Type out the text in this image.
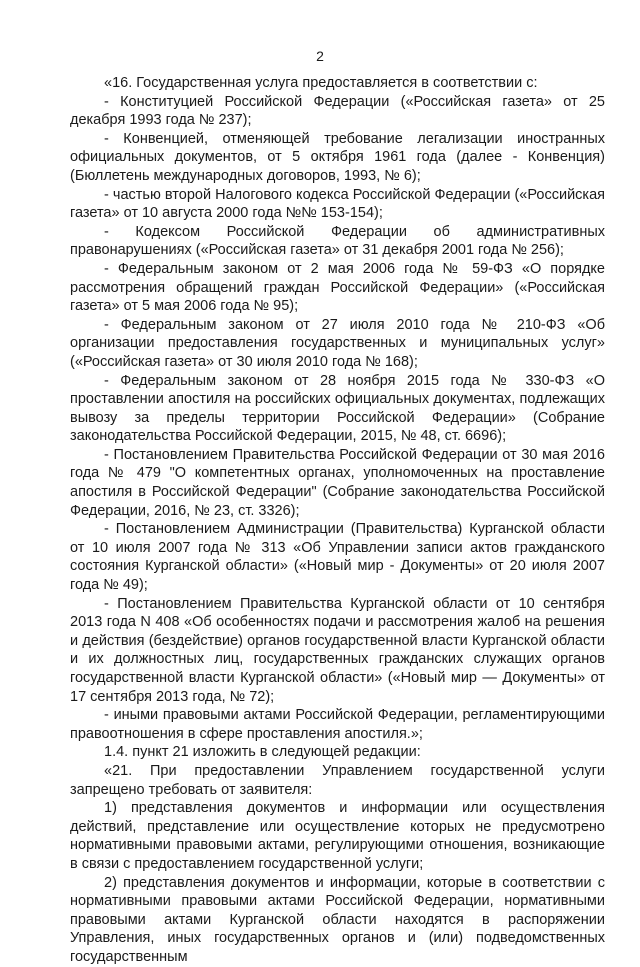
2

«16. Государственная услуга предоставляется в соответствии с:

- Конституцией Российской Федерации («Российская газета» от 25 декабря 1993 года № 237);

- Конвенцией, отменяющей требование легализации иностранных официальных документов, от 5 октября 1961 года (далее - Конвенция) (Бюллетень международных договоров, 1993, № 6);

- частью второй Налогового кодекса Российской Федерации («Российская газета» от 10 августа 2000 года №№ 153-154);

- Кодексом Российской Федерации об административных правонарушениях («Российская газета» от 31 декабря 2001 года № 256);

- Федеральным законом от 2 мая 2006 года № 59-ФЗ «О порядке рассмотрения обращений граждан Российской Федерации» («Российская газета» от 5 мая 2006 года № 95);

- Федеральным законом от 27 июля 2010 года № 210-ФЗ «Об организации предоставления государственных и муниципальных услуг» («Российская газета» от 30 июля 2010 года № 168);

- Федеральным законом от 28 ноября 2015 года № 330-ФЗ «О проставлении апостиля на российских официальных документах, подлежащих вывозу за пределы территории Российской Федерации» (Собрание законодательства Российской Федерации, 2015, № 48, ст. 6696);

- Постановлением Правительства Российской Федерации от 30 мая 2016 года № 479 "О компетентных органах, уполномоченных на проставление апостиля в Российской Федерации" (Собрание законодательства Российской Федерации, 2016, № 23, ст. 3326);

- Постановлением Администрации (Правительства) Курганской области от 10 июля 2007 года № 313 «Об Управлении записи актов гражданского состояния Курганской области» («Новый мир - Документы» от 20 июля 2007 года № 49);

- Постановлением Правительства Курганской области от 10 сентября 2013 года N 408 «Об особенностях подачи и рассмотрения жалоб на решения и действия (бездействие) органов государственной власти Курганской области и их должностных лиц, государственных гражданских служащих органов государственной власти Курганской области» («Новый мир — Документы» от 17 сентября 2013 года, № 72);

- иными правовыми актами Российской Федерации, регламентирующими правоотношения в сфере проставления апостиля.»;

1.4. пункт 21 изложить в следующей редакции:

«21. При предоставлении Управлением государственной услуги запрещено требовать от заявителя:

1) представления документов и информации или осуществления действий, представление или осуществление которых не предусмотрено нормативными правовыми актами, регулирующими отношения, возникающие в связи с предоставлением государственной услуги;

2) представления документов и информации, которые в соответствии с нормативными правовыми актами Российской Федерации, нормативными правовыми актами Курганской области находятся в распоряжении Управления, иных государственных органов и (или) подведомственных государственным
